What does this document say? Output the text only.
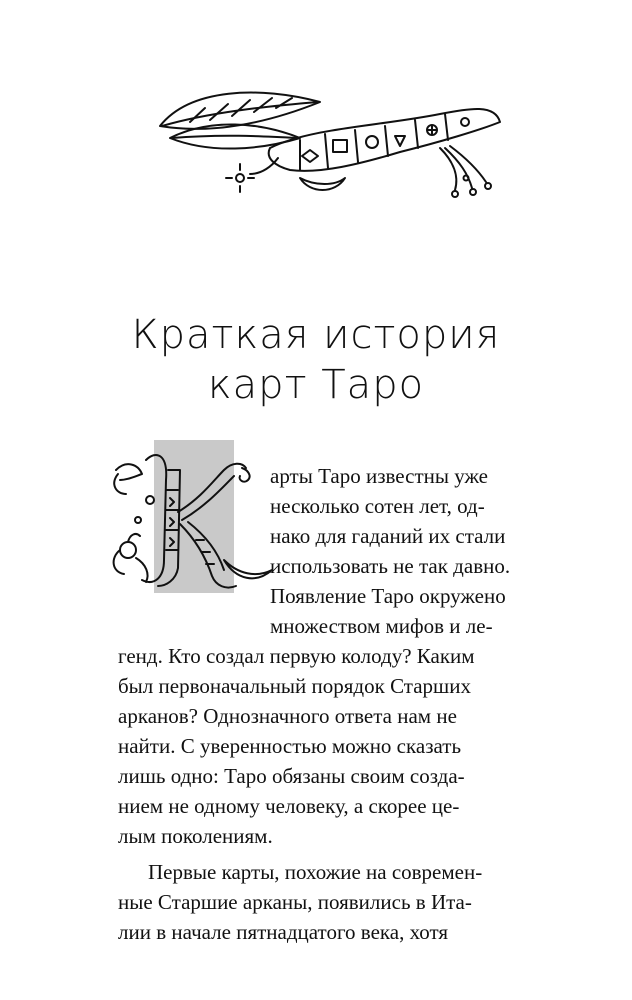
Краткая история
карт Таро
арты Таро известны уже
несколько сотен лет, од-
нако для гаданий их стали
использовать не так давно.
Появление Таро окружено
множеством мифов и ле-
генд. Кто создал первую колоду? Каким
был первоначальный порядок Старших
арканов? Однозначного ответа нам не
найти. С уверенностью можно сказать
лишь одно: Таро обязаны своим созда-
нием не одному человеку, а скорее це-
лым поколениям.
Первые карты, похожие на современ-
ные Старшие арканы, появились в Ита-
лии в начале пятнадцатого века, хотя
